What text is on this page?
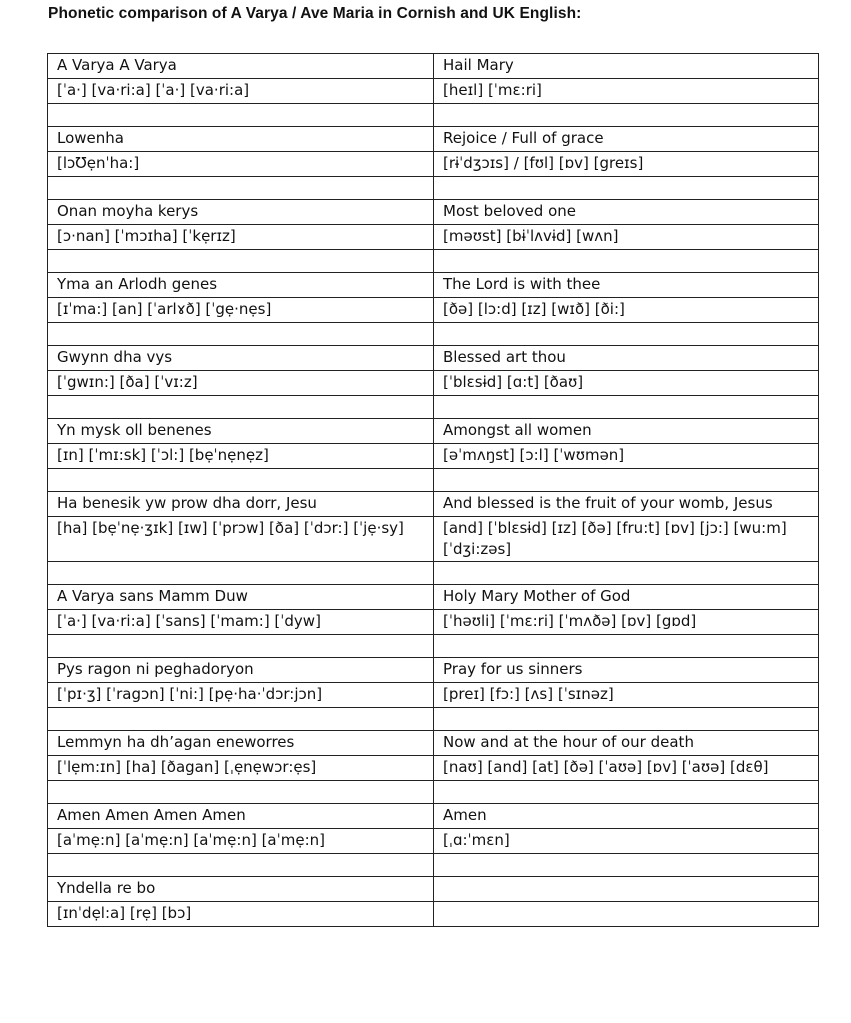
Phonetic comparison of A Varya / Ave Maria in Cornish and UK English:
A Varya A Varya	Hail Mary
[ˈa·] [va·ri:a] [ˈa·] [va·ri:a]	[heɪl] [ˈmɛ:ri]

Lowenha	Rejoice / Full of grace
[lɔƱẹnˈha:]	[rɨˈdʒɔɪs] / [fʊl] [ɒv] [greɪs]

Onan moyha kerys	Most beloved one
[ɔ·nan] [ˈmɔɪha] [ˈkẹrɪz]	[məʊst] [bɨˈlʌvɨd] [wʌn]

Yma an Arlodh genes	The Lord is with thee
[ɪˈma:] [an] [ˈarlɤð] [ˈgẹ·nẹs]	[ðə] [lɔ:d] [ɪz] [wɪð] [ði:]

Gwynn dha vys	Blessed art thou
[ˈgwɪn:] [ða] [ˈvɪ:z]	[ˈblɛsɨd] [ɑ:t] [ðaʊ]

Yn mysk oll benenes	Amongst all women
[ɪn] [ˈmɪ:sk] [ˈɔl:] [bẹˈnẹnẹz]	[əˈmʌŋst] [ɔ:l] [ˈwʊmən]

Ha benesik yw prow dha dorr, Jesu	And blessed is the fruit of your womb, Jesus
[ha] [bẹˈnẹ·ʒɪk] [ɪw] [ˈprɔw] [ða] [ˈdɔr:] [ˈjẹ·sy]	[and] [ˈblɛsɨd] [ɪz] [ðə] [fru:t] [ɒv] [jɔ:] [wu:m] [ˈdʒi:zəs]

A Varya sans Mamm Duw	Holy Mary Mother of God
[ˈa·] [va·ri:a] [ˈsans] [ˈmam:] [ˈdyw]	[ˈhəʊli] [ˈmɛ:ri] [ˈmʌðə] [ɒv] [gɒd]

Pys ragon ni peghadoryon	Pray for us sinners
[ˈpɪ·ʒ] [ˈragɔn] [ˈni:] [pẹ·ha·ˈdɔr:jɔn]	[preɪ] [fɔ:] [ʌs] [ˈsɪnəz]

Lemmyn ha dh’agan eneworres	Now and at the hour of our death
[ˈlẹm:ɪn] [ha] [ðagan] [ˌẹnẹwɔr:ẹs]	[naʊ] [and] [at] [ðə] [ˈaʊə] [ɒv] [ˈaʊə] [dɛθ]

Amen Amen Amen Amen	Amen
[aˈmẹ:n] [aˈmẹ:n] [aˈmẹ:n] [aˈmẹ:n]	[ˌɑ:ˈmɛn]

Yndella re bo	
[ɪnˈdẹl:a] [rẹ] [bɔ]	
